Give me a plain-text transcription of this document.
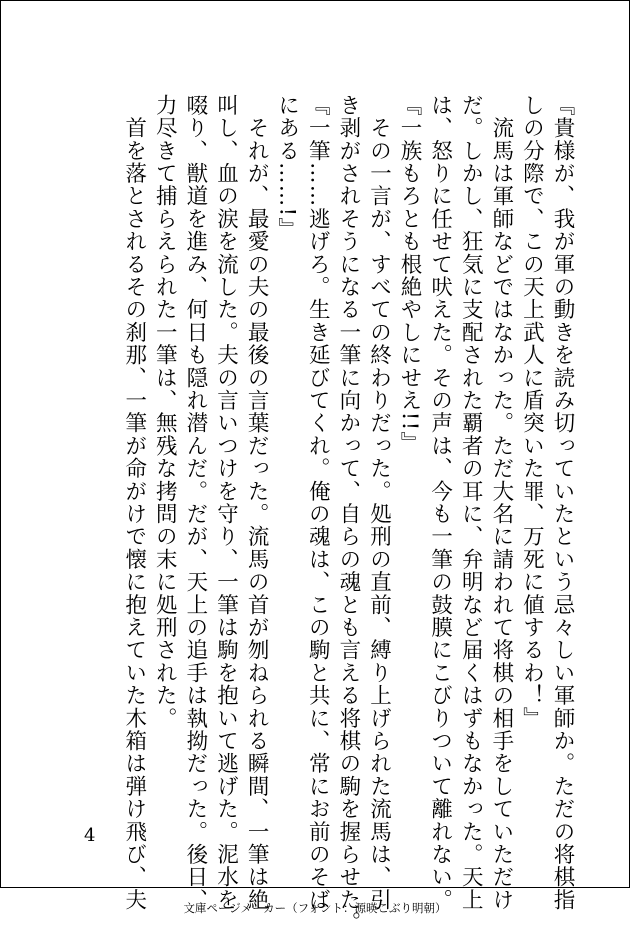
『貴様が、我が軍の動きを読み切っていたという忌々しい軍師か。ただの将棋指
しの分際で、この天上武人に盾突いた罪、万死に値するわ！』
　流馬は軍師などではなかった。ただ大名に請われて将棋の相手をしていただけ
だ。しかし、狂気に支配された覇者の耳に、弁明など届くはずもなかった。天上
は、怒りに任せて吠えた。その声は、今も一筆の鼓膜にこびりついて離れない。
『一族もろとも根絶やしにせえ!!』
　その一言が、すべての終わりだった。処刑の直前、縛り上げられた流馬は、引
き剥がされそうになる一筆に向かって、自らの魂とも言える将棋の駒を握らせた。
『一筆……逃げろ。生き延びてくれ。俺の魂は、この駒と共に、常にお前のそば
にある……!』
　それが、最愛の夫の最後の言葉だった。流馬の首が刎ねられる瞬間、一筆は絶
叫し、血の涙を流した。夫の言いつけを守り、一筆は駒を抱いて逃げた。泥水を
啜り、獣道を進み、何日も隠れ潜んだ。だが、天上の追手は執拗だった。後日、
力尽きて捕らえられた一筆は、無残な拷問の末に処刑された。
　首を落とされるその刹那、一筆が命がけで懐に抱えていた木箱は弾け飛び、夫
4
文庫ページメーカー（フォント：源暎こぶり明朝）
